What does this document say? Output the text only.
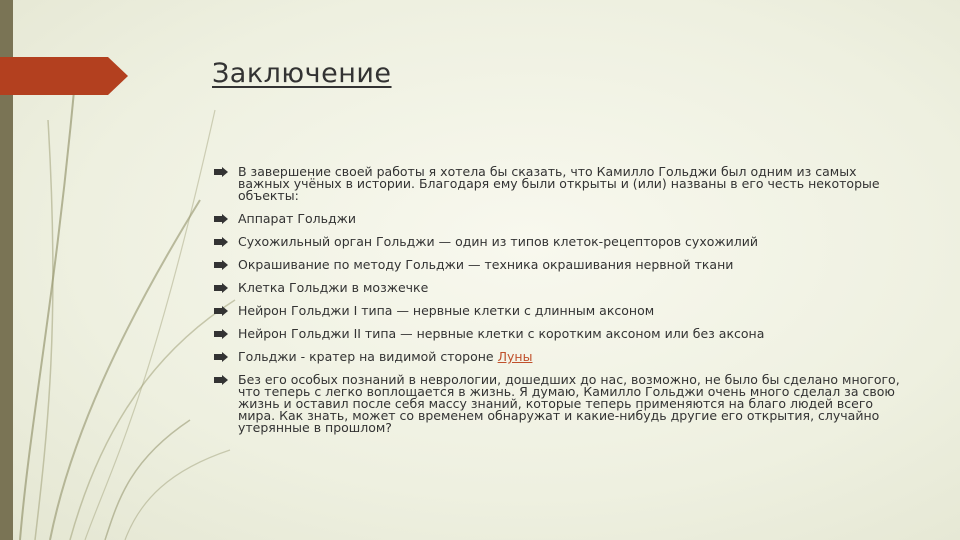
Заключение
В завершение своей работы я хотела бы сказать, что Камилло Гольджи был одним из самых важных учёных в истории. Благодаря ему были открыты и (или) названы в его честь некоторые объекты:
Аппарат Гольджи
Сухожильный орган Гольджи — один из типов клеток-рецепторов сухожилий
Окрашивание по методу Гольджи — техника окрашивания нервной ткани
Клетка Гольджи в мозжечке
Нейрон Гольджи I типа — нервные клетки с длинным аксоном
Нейрон Гольджи II типа — нервные клетки с коротким аксоном или без аксона
Гольджи - кратер на видимой стороне Луны
Без его особых познаний в неврологии, дошедших до нас, возможно, не было бы сделано многого, что теперь с легко воплощается в жизнь. Я думаю, Камилло Гольджи очень много сделал за свою жизнь и оставил после себя массу знаний, которые теперь применяются на благо людей всего мира. Как знать, может со временем обнаружат и какие-нибудь другие его открытия, случайно утерянные в прошлом?
